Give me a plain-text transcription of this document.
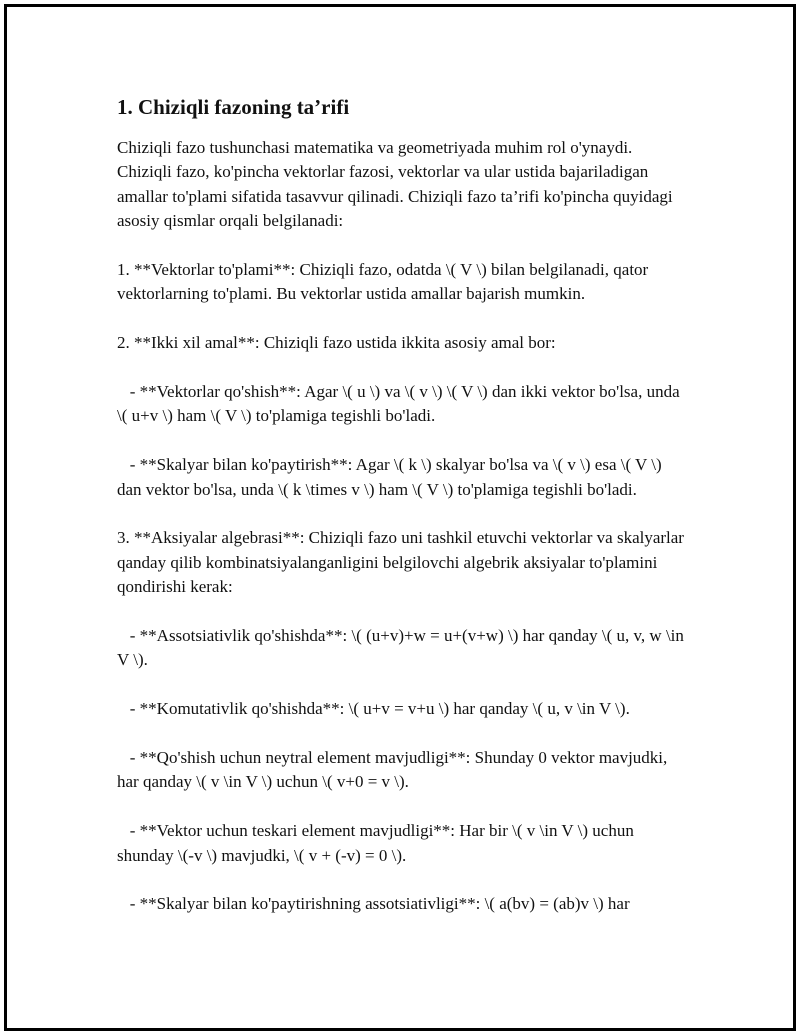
1. Chiziqli fazoning ta’rifi

Chiziqli fazo tushunchasi matematika va geometriyada muhim rol o'ynaydi. Chiziqli fazo, ko'pincha vektorlar fazosi, vektorlar va ular ustida bajariladigan amallar to'plami sifatida tasavvur qilinadi. Chiziqli fazo ta’rifi ko'pincha quyidagi asosiy qismlar orqali belgilanadi:

1. **Vektorlar to'plami**: Chiziqli fazo, odatda \( V \) bilan belgilanadi, qator vektorlarning to'plami. Bu vektorlar ustida amallar bajarish mumkin.

2. **Ikki xil amal**: Chiziqli fazo ustida ikkita asosiy amal bor:

- **Vektorlar qo'shish**: Agar \( u \) va \( v \) \( V \) dan ikki vektor bo'lsa, unda \( u+v \) ham \( V \) to'plamiga tegishli bo'ladi.

- **Skalyar bilan ko'paytirish**: Agar \( k \) skalyar bo'lsa va \( v \) esa \( V \) dan vektor bo'lsa, unda \( k \times v \) ham \( V \) to'plamiga tegishli bo'ladi.

3. **Aksiyalar algebrasi**: Chiziqli fazo uni tashkil etuvchi vektorlar va skalyarlar qanday qilib kombinatsiyalanganligini belgilovchi algebrik aksiyalar to'plamini qondirishi kerak:

- **Assotsiativlik qo'shishda**: \( (u+v)+w = u+(v+w) \) har qanday \( u, v, w \in V \).

- **Komutativlik qo'shishda**: \( u+v = v+u \) har qanday \( u, v \in V \).

- **Qo'shish uchun neytral element mavjudligi**: Shunday 0 vektor mavjudki, har qanday \( v \in V \) uchun \( v+0 = v \).

- **Vektor uchun teskari element mavjudligi**: Har bir \( v \in V \) uchun shunday \(-v \) mavjudki, \( v + (-v) = 0 \).

- **Skalyar bilan ko'paytirishning assotsiativligi**: \( a(bv) = (ab)v \) har
